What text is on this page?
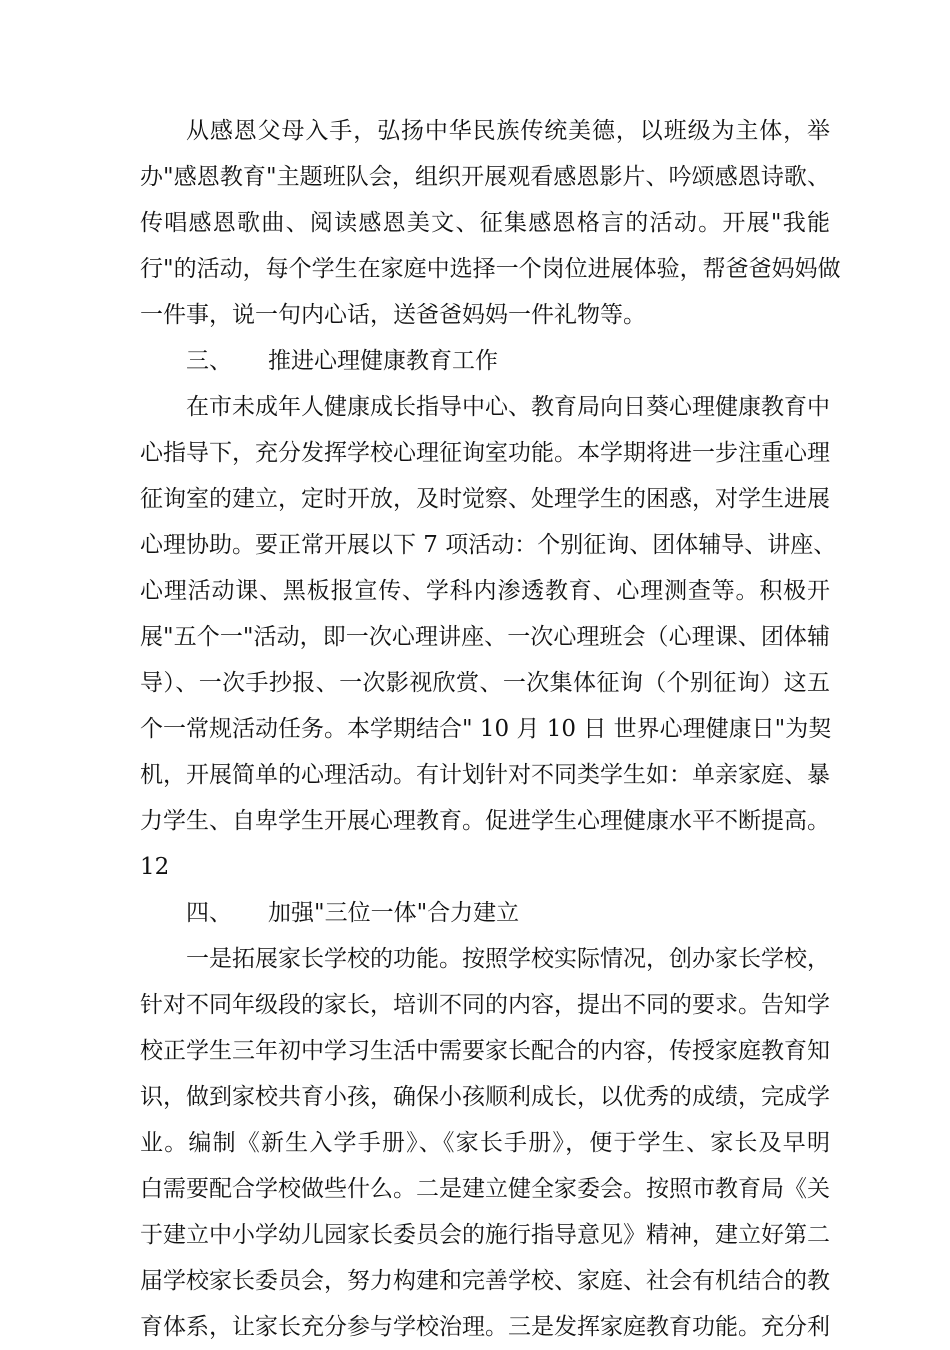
从感恩父母入手，弘扬中华民族传统美德，以班级为主体，举
办"感恩教育"主题班队会，组织开展观看感恩影片、吟颂感恩诗歌、
传唱感恩歌曲、阅读感恩美文、征集感恩格言的活动。开展"我能
行"的活动，每个学生在家庭中选择一个岗位进展体验，帮爸爸妈妈做
一件事，说一句内心话，送爸爸妈妈一件礼物等。
三、 推进心理健康教育工作
在市未成年人健康成长指导中心、教育局向日葵心理健康教育中
心指导下，充分发挥学校心理征询室功能。本学期将进一步注重心理
征询室的建立，定时开放，及时觉察、处理学生的困惑，对学生进展
心理协助。要正常开展以下 7 项活动：个别征询、团体辅导、讲座、
心理活动课、黑板报宣传、学科内渗透教育、心理测查等。积极开
展"五个一"活动，即一次心理讲座、一次心理班会（心理课、团体辅
导）、一次手抄报、一次影视欣赏、一次集体征询（个别征询）这五
个一常规活动任务。本学期结合" 10 月 10 日 世界心理健康日"为契
机，开展简单的心理活动。有计划针对不同类学生如：单亲家庭、暴
力学生、自卑学生开展心理教育。促进学生心理健康水平不断提高。
12
四、 加强"三位一体"合力建立
一是拓展家长学校的功能。按照学校实际情况，创办家长学校，
针对不同年级段的家长，培训不同的内容，提出不同的要求。告知学
校正学生三年初中学习生活中需要家长配合的内容，传授家庭教育知
识，做到家校共育小孩，确保小孩顺利成长，以优秀的成绩，完成学
业。编制《新生入学手册》、《家长手册》，便于学生、家长及早明
白需要配合学校做些什么。二是建立健全家委会。按照市教育局《关
于建立中小学幼儿园家长委员会的施行指导意见》精神，建立好第二
届学校家长委员会，努力构建和完善学校、家庭、社会有机结合的教
育体系，让家长充分参与学校治理。三是发挥家庭教育功能。充分利
